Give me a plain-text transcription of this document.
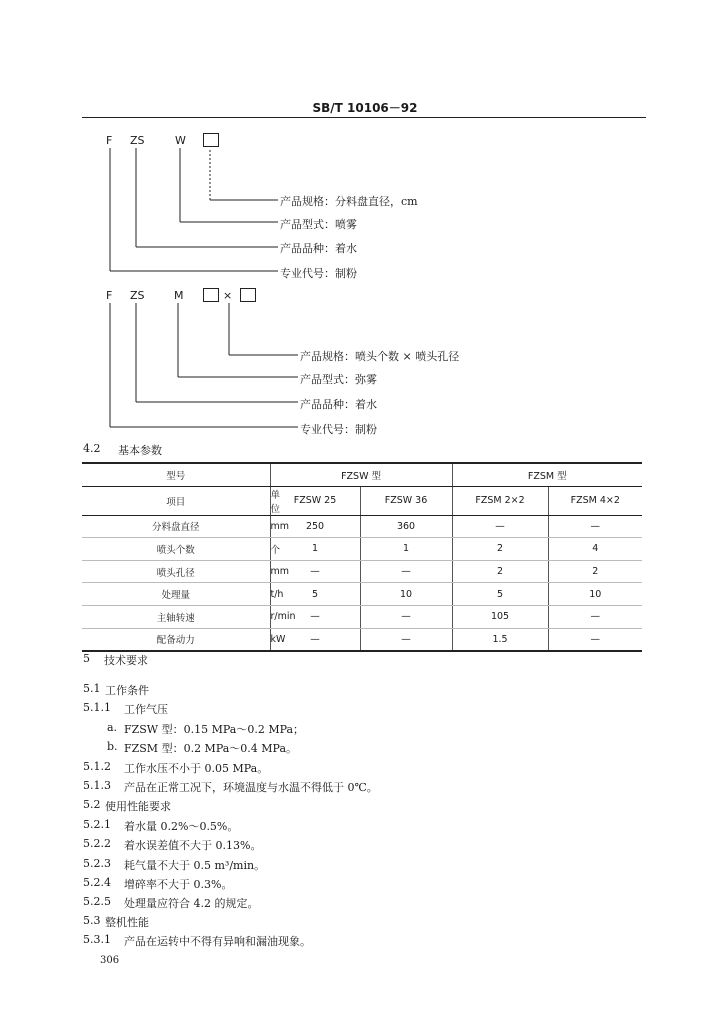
SB/T 10106－92
F ZS	W
产品规格：分料盘直径，cm
产品型式：喷雾
产品品种：着水
专业代号：制粉
F ZS	M	×
产品规格：喷头个数 × 喷头孔径
产品型式：弥雾
产品品种：着水
专业代号：制粉
4.2 基本参数
型号	FZSW 型		FZSM 型	
项目	单位	FZSW 25	FZSW 36	FZSM 2×2	FZSM 4×2
分料盘直径	mm	250	360	—	—
喷头个数	个	1	1	2	4
喷头孔径	mm	—	—	2	2
处理量	t/h	5	10	5	10
主轴转速	r/min	—	—	105	—
配备动力	kW	—	—	1.5	—
5 技术要求
5.1 工作条件
5.1.1 工作气压
a. FZSW 型：0.15 MPa～0.2 MPa；
b. FZSM 型：0.2 MPa～0.4 MPa。
5.1.2 工作水压不小于 0.05 MPa。
5.1.3 产品在正常工况下，环境温度与水温不得低于 0℃。
5.2 使用性能要求
5.2.1 着水量 0.2%～0.5%。
5.2.2 着水误差值不大于 0.13%。
5.2.3 耗气量不大于 0.5 m³/min。
5.2.4 增碎率不大于 0.3%。
5.2.5 处理量应符合 4.2 的规定。
5.3 整机性能
5.3.1 产品在运转中不得有异响和漏油现象。
306
